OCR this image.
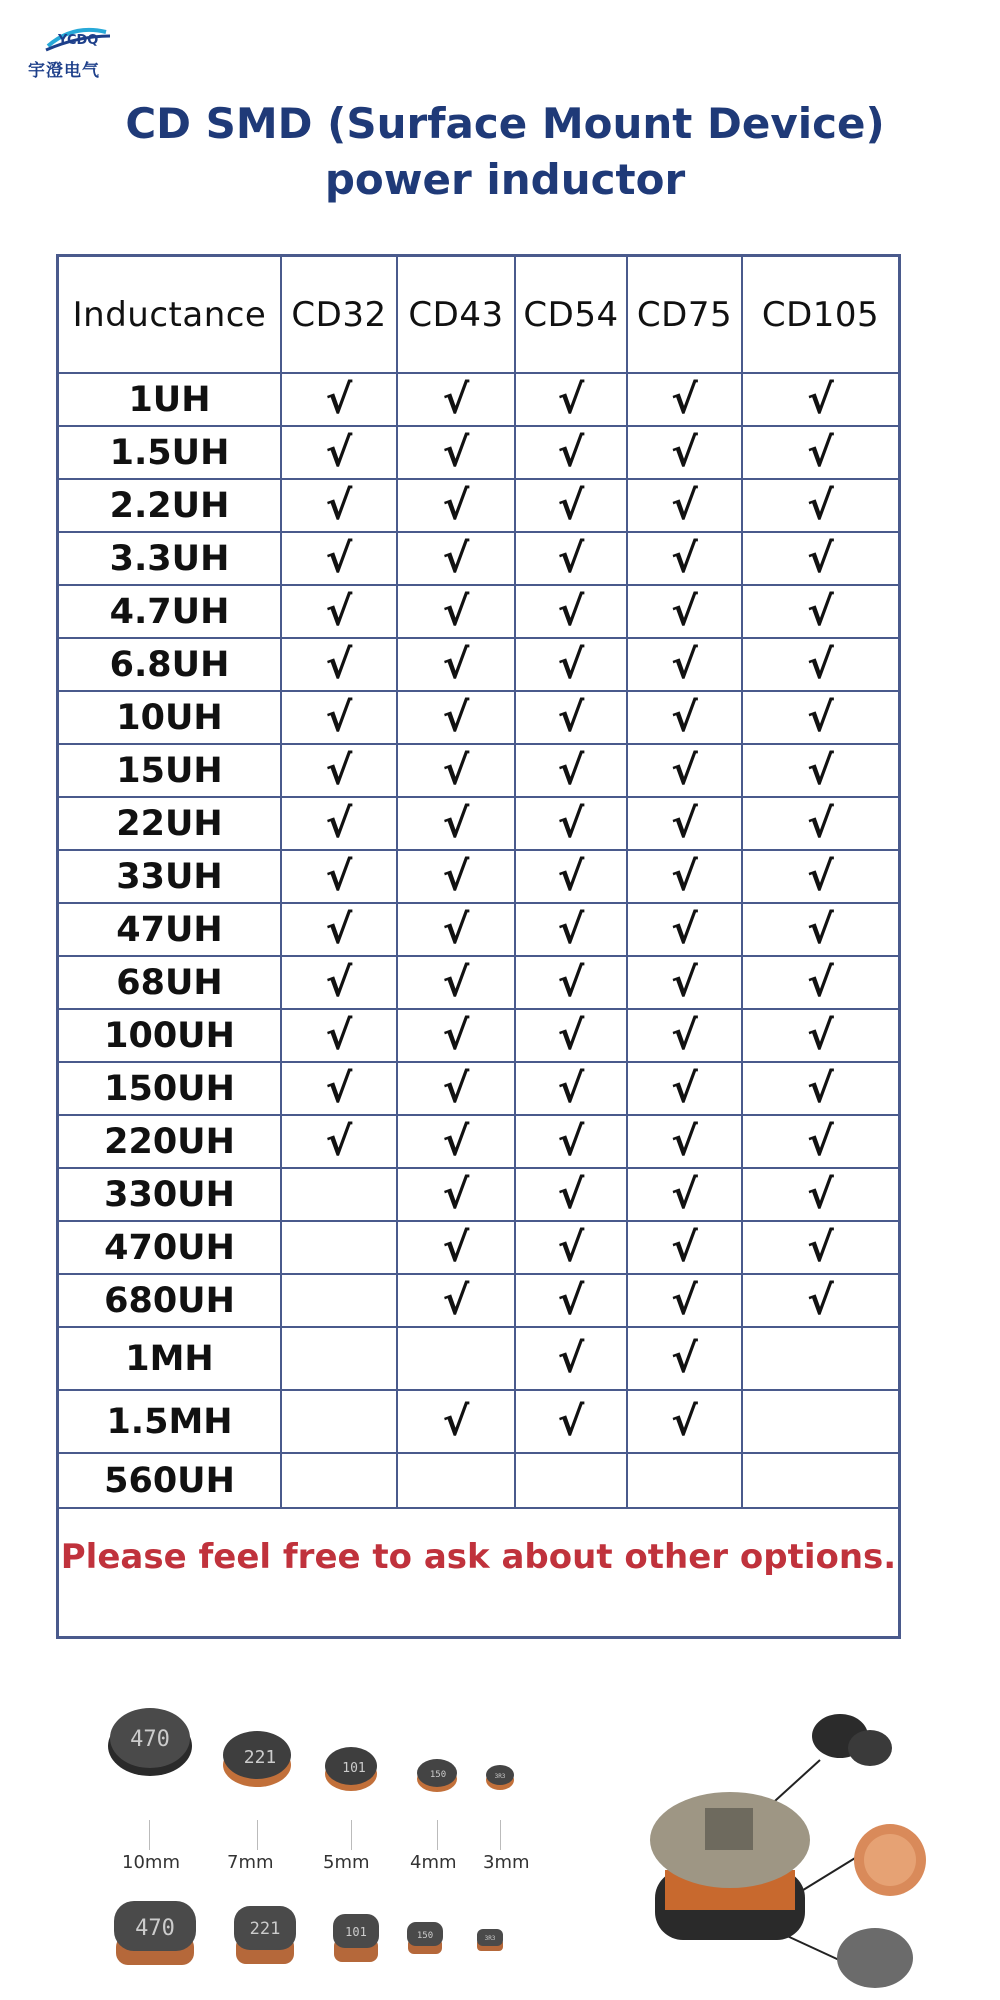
YCDQ
宇澄电气
CD SMD (Surface Mount Device)
power inductor
Inductance	CD32	CD43	CD54	CD75	CD105
1UH	√	√	√	√	√
1.5UH	√	√	√	√	√
2.2UH	√	√	√	√	√
3.3UH	√	√	√	√	√
4.7UH	√	√	√	√	√
6.8UH	√	√	√	√	√
10UH	√	√	√	√	√
15UH	√	√	√	√	√
22UH	√	√	√	√	√
33UH	√	√	√	√	√
47UH	√	√	√	√	√
68UH	√	√	√	√	√
100UH	√	√	√	√	√
150UH	√	√	√	√	√
220UH	√	√	√	√	√
330UH		√	√	√	√
470UH		√	√	√	√
680UH		√	√	√	√
1MH			√	√	
1.5MH		√	√	√	
560UH					
Please feel free to ask about other options.
470
221
101	150	3R3
10mm	7mm	5mm 4mm 3mm
470	221	101	150	3R3
